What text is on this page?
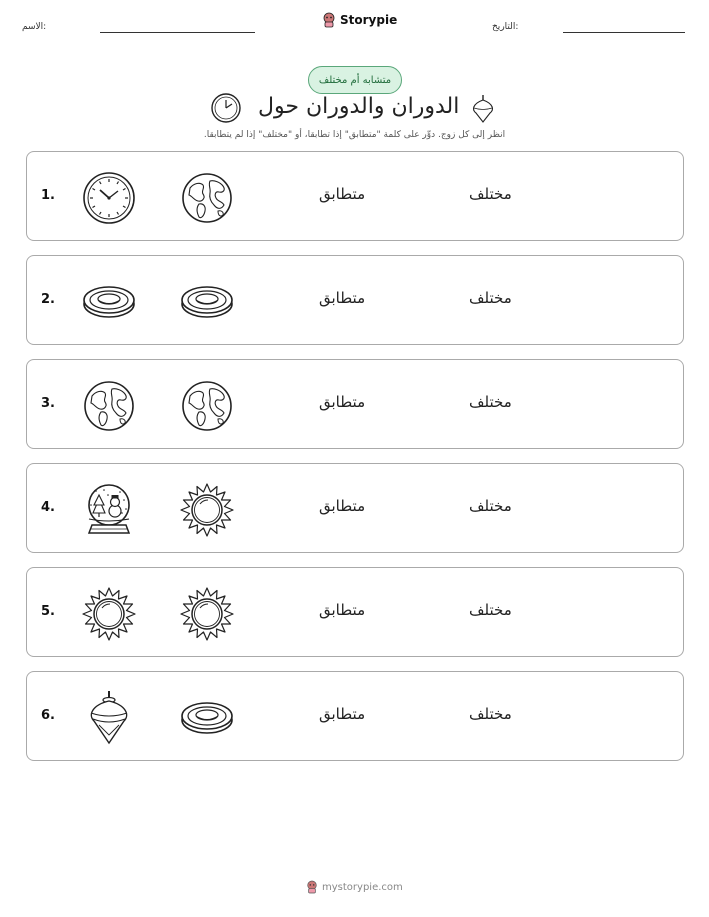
الاسم:	Storypie	التاريخ:
متشابه أم مختلف
الدوران والدوران حول
انظر إلى كل زوج. دوِّر على كلمة "متطابق" إذا تطابقا، أو "مختلف" إذا لم يتطابقا.
1.	متطابق	مختلف
2.	متطابق	مختلف
3.	متطابق	مختلف
4.	متطابق	مختلف
5.	متطابق	مختلف
6.	متطابق	مختلف
mystorypie.com
